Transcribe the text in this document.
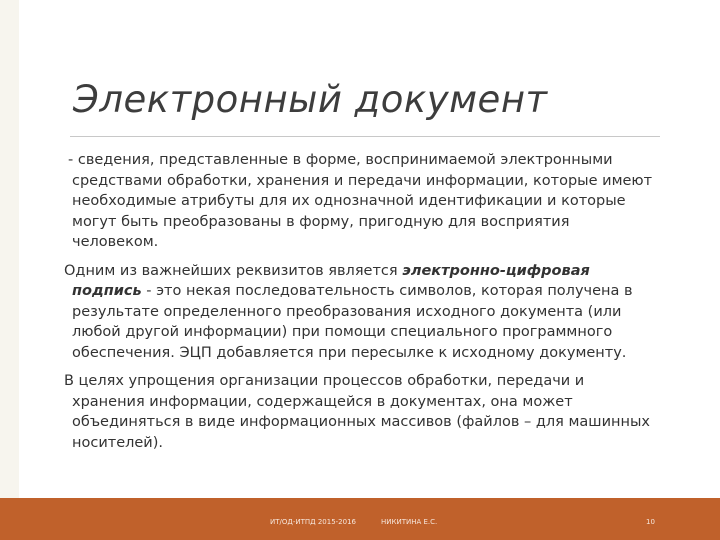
Электронный документ

- сведения, представленные в форме, воспринимаемой электронными средствами обработки, хранения и передачи информации, которые имеют необходимые атрибуты для их однозначной идентификации и которые могут быть преобразованы в форму, пригодную для восприятия человеком.

Одним из важнейших реквизитов является электронно-цифровая подпись - это некая последовательность символов, которая получена в результате определенного преобразования исходного документа (или любой другой информации) при помощи специального программного обеспечения. ЭЦП добавляется при пересылке к исходному документу.

В целях упрощения организации процессов обработки, передачи и хранения информации, содержащейся в документах, она может объединяться в виде информационных массивов (файлов – для машинных носителей).

ИТ/ОД-ИТПД 2015-2016	НИКИТИНА Е.С.	10
